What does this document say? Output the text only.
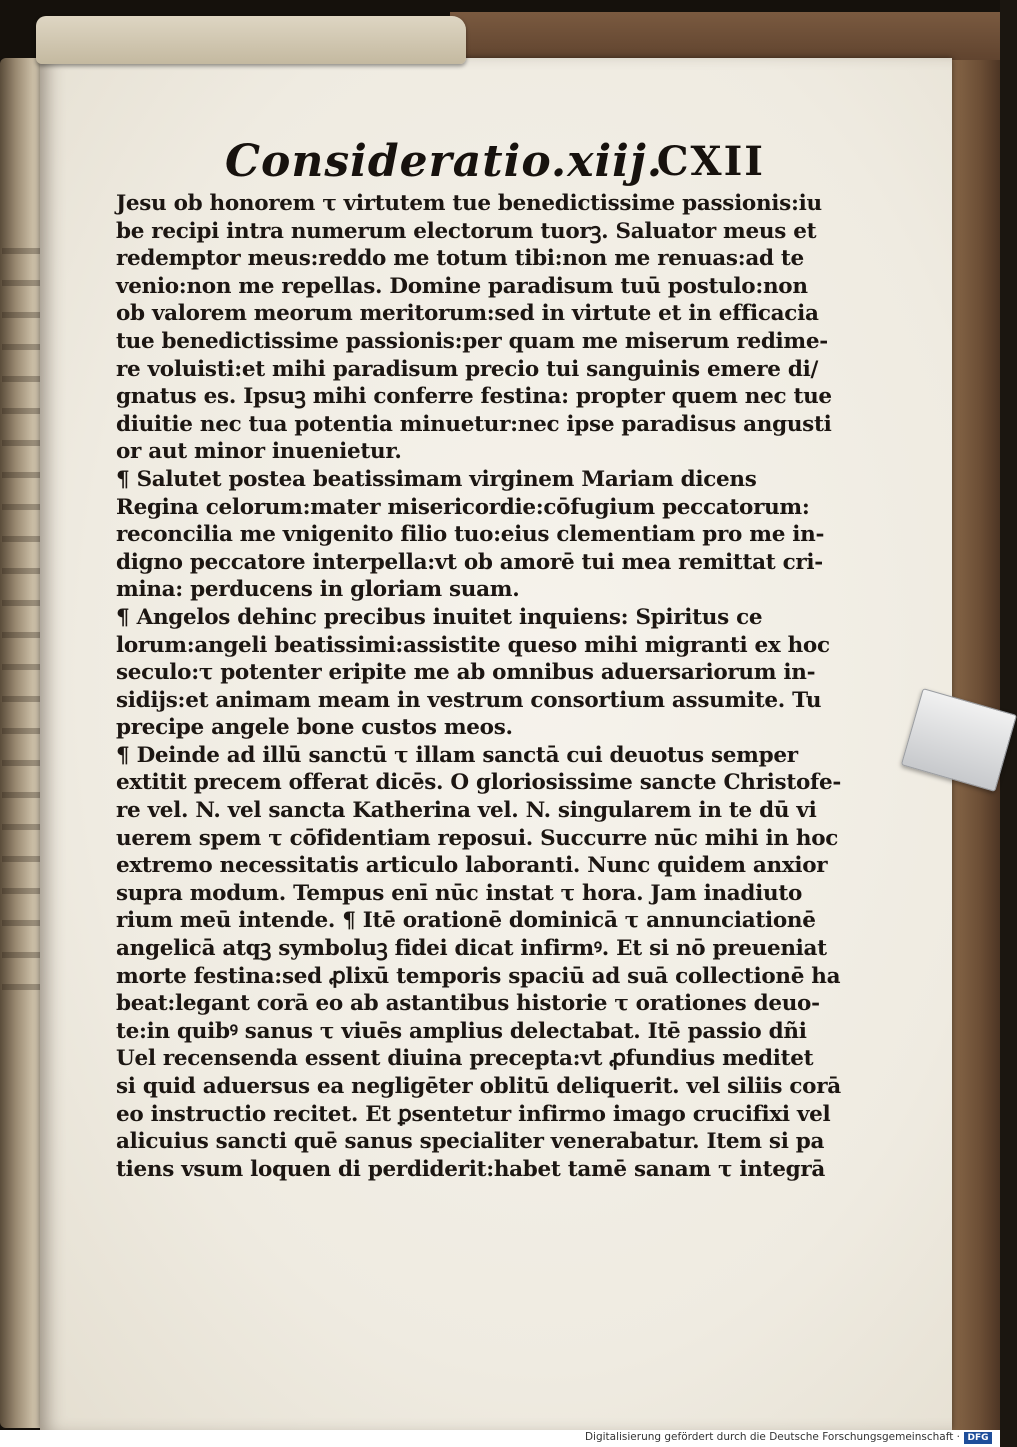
Consideratio.xiij.
CXII
Jesu ob honorem τ virtutem tue benedictissime passionis:iu
be recipi intra numerum electorum tuorꝫ. Saluator meus et
redemptor meus:reddo me totum tibi:non me renuas:ad te
venio:non me repellas. Domine paradisum tuū postulo:non
ob valorem meorum meritorum:sed in virtute et in efficacia
tue benedictissime passionis:per quam me miserum redime-
re voluisti:et mihi paradisum precio tui sanguinis emere di/
gnatus es. Ipsuꝫ mihi conferre festina: propter quem nec tue
diuitie nec tua potentia minuetur:nec ipse paradisus angusti
or aut minor inuenietur.
¶ Salutet postea beatissimam virginem Mariam dicens
Regina celorum:mater misericordie:cōfugium peccatorum:
reconcilia me vnigenito filio tuo:eius clementiam pro me in-
digno peccatore interpella:vt ob amorē tui mea remittat cri-
mina: perducens in gloriam suam.
¶ Angelos dehinc precibus inuitet inquiens: Spiritus ce
lorum:angeli beatissimi:assistite queso mihi migranti ex hoc
seculo:τ potenter eripite me ab omnibus aduersariorum in-
sidijs:et animam meam in vestrum consortium assumite. Tu
precipe angele bone custos meos.
¶ Deinde ad illū sanctū τ illam sanctā cui deuotus semper
extitit precem offerat dicēs. O gloriosissime sancte Christofe-
re vel. N. vel sancta Katherina vel. N. singularem in te dū vi
uerem spem τ cōfidentiam reposui. Succurre nūc mihi in hoc
extremo necessitatis articulo laboranti. Nunc quidem anxior
supra modum. Tempus enī nūc instat τ hora. Jam inadiuto
rium meū intende. ¶ Itē orationē dominicā τ annunciationē
angelicā atqꝫ symboluꝫ fidei dicat infirmꝰ. Et si nō preueniat
morte festina:sed ꝓlixū temporis spaciū ad suā collectionē ha
beat:legant corā eo ab astantibus historie τ orationes deuo-
te:in quibꝰ sanus τ viuēs amplius delectabat. Itē passio dñi
Uel recensenda essent diuina precepta:vt ꝓfundius meditet
si quid aduersus ea negligēter oblitū deliquerit. vel siliis corā
eo instructio recitet. Et ꝑsentetur infirmo imago crucifixi vel
alicuius sancti quē sanus specialiter venerabatur. Item si pa
tiens vsum loquen di perdiderit:habet tamē sanam τ integrā
Digitalisierung gefördert durch die Deutsche Forschungsgemeinschaft · DFG
